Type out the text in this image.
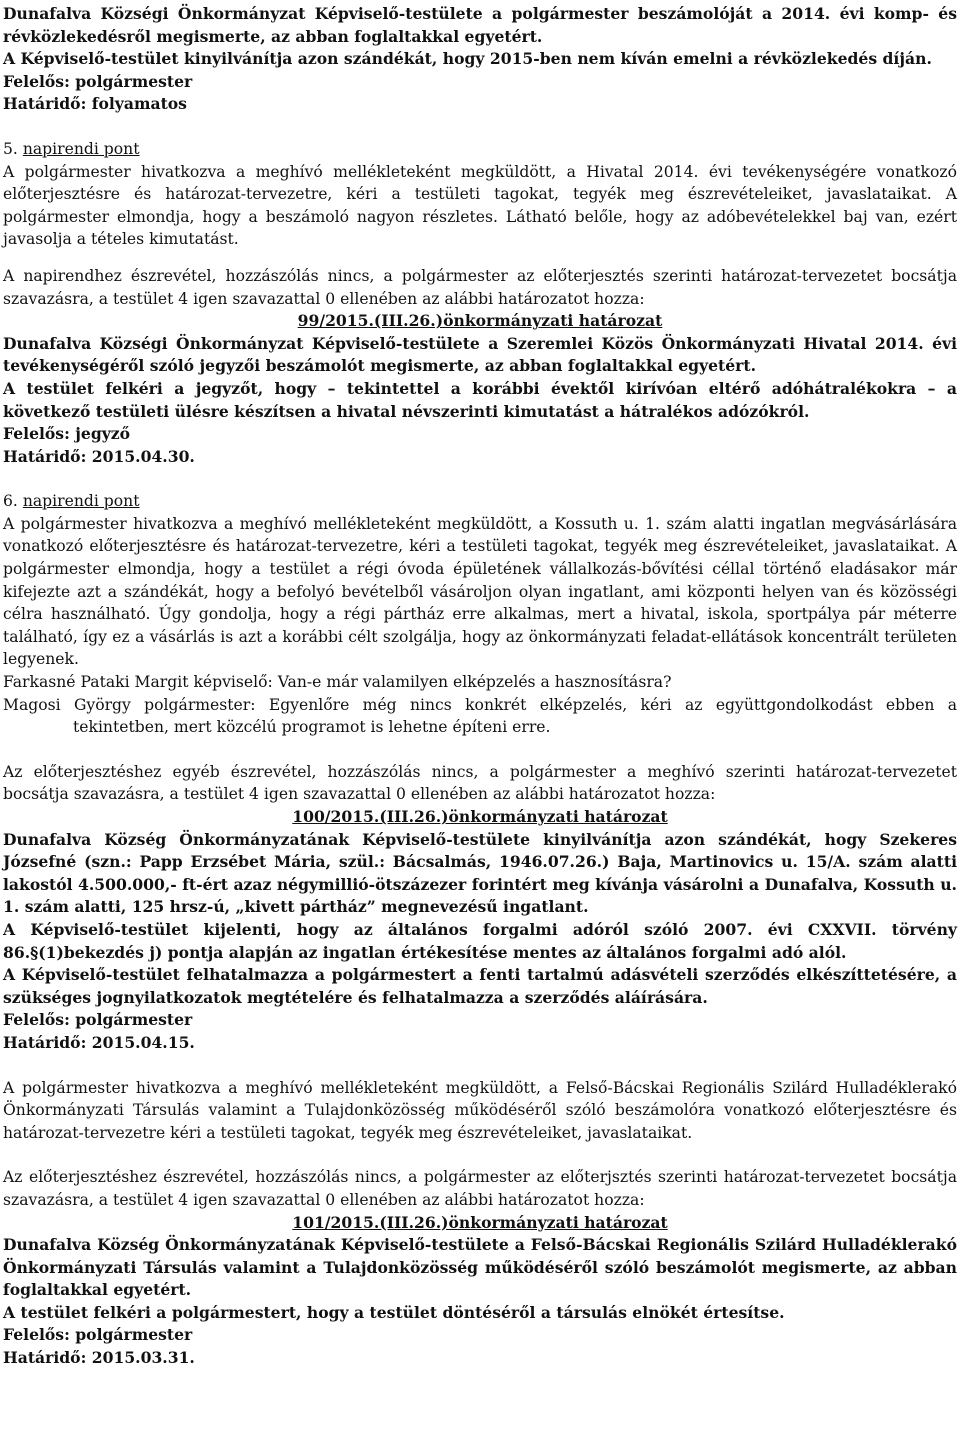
Dunafalva Községi Önkormányzat Képviselő-testülete a polgármester beszámolóját a 2014. évi komp- és révközlekedésről megismerte, az abban foglaltakkal egyetért.

A Képviselő-testület kinyilvánítja azon szándékát, hogy 2015-ben nem kíván emelni a révközlekedés díján.

Felelős: polgármester

Határidő: folyamatos

5. napirendi pont

A polgármester hivatkozva a meghívó mellékleteként megküldött, a Hivatal 2014. évi tevékenységére vonatkozó előterjesztésre és határozat-tervezetre, kéri a testületi tagokat, tegyék meg észrevételeiket, javaslataikat. A polgármester elmondja, hogy a beszámoló nagyon részletes. Látható belőle, hogy az adóbevételekkel baj van, ezért javasolja a tételes kimutatást.

A napirendhez észrevétel, hozzászólás nincs, a polgármester az előterjesztés szerinti határozat-tervezetet bocsátja szavazásra, a testület 4 igen szavazattal 0 ellenében az alábbi határozatot hozza:

99/2015.(III.26.)önkormányzati határozat

Dunafalva Községi Önkormányzat Képviselő-testülete a Szeremlei Közös Önkormányzati Hivatal 2014. évi tevékenységéről szóló jegyzői beszámolót megismerte, az abban foglaltakkal egyetért.

A testület felkéri a jegyzőt, hogy – tekintettel a korábbi évektől kirívóan eltérő adóhátralékokra – a következő testületi ülésre készítsen a hivatal névszerinti kimutatást a hátralékos adózókról.

Felelős: jegyző

Határidő: 2015.04.30.

6. napirendi pont

A polgármester hivatkozva a meghívó mellékleteként megküldött, a Kossuth u. 1. szám alatti ingatlan megvásárlására vonatkozó előterjesztésre és határozat-tervezetre, kéri a testületi tagokat, tegyék meg észrevételeiket, javaslataikat. A polgármester elmondja, hogy a testület a régi óvoda épületének vállalkozás-bővítési céllal történő eladásakor már kifejezte azt a szándékát, hogy a befolyó bevételből vásároljon olyan ingatlant, ami központi helyen van és közösségi célra használható. Úgy gondolja, hogy a régi pártház erre alkalmas, mert a hivatal, iskola, sportpálya pár méterre található, így ez a vásárlás is azt a korábbi célt szolgálja, hogy az önkormányzati feladat-ellátások koncentrált területen legyenek.

Farkasné Pataki Margit képviselő: Van-e már valamilyen elképzelés a hasznosításra?

Magosi György polgármester: Egyenlőre még nincs konkrét elképzelés, kéri az együttgondolkodást ebben a tekintetben, mert közcélú programot is lehetne építeni erre.

Az előterjesztéshez egyéb észrevétel, hozzászólás nincs, a polgármester a meghívó szerinti határozat-tervezetet bocsátja szavazásra, a testület 4 igen szavazattal 0 ellenében az alábbi határozatot hozza:

100/2015.(III.26.)önkormányzati határozat

Dunafalva Község Önkormányzatának Képviselő-testülete kinyilvánítja azon szándékát, hogy Szekeres Józsefné (szn.: Papp Erzsébet Mária, szül.: Bácsalmás, 1946.07.26.) Baja, Martinovics u. 15/A. szám alatti lakostól 4.500.000,- ft-ért azaz négymillió-ötszázezer forintért meg kívánja vásárolni a Dunafalva, Kossuth u. 1. szám alatti, 125 hrsz-ú, „kivett pártház” megnevezésű ingatlant.

A Képviselő-testület kijelenti, hogy az általános forgalmi adóról szóló 2007. évi CXXVII. törvény 86.§(1)bekezdés j) pontja alapján az ingatlan értékesítése mentes az általános forgalmi adó alól.

A Képviselő-testület felhatalmazza a polgármestert a fenti tartalmú adásvételi szerződés elkészíttetésére, a szükséges jognyilatkozatok megtételére és felhatalmazza a szerződés aláírására.

Felelős: polgármester

Határidő: 2015.04.15.

A polgármester hivatkozva a meghívó mellékleteként megküldött, a Felső-Bácskai Regionális Szilárd Hulladéklerakó Önkormányzati Társulás valamint a Tulajdonközösség működéséről szóló beszámolóra vonatkozó előterjesztésre és határozat-tervezetre kéri a testületi tagokat, tegyék meg észrevételeiket, javaslataikat.

Az előterjesztéshez észrevétel, hozzászólás nincs, a polgármester az előterjsztés szerinti határozat-tervezetet bocsátja szavazásra, a testület 4 igen szavazattal 0 ellenében az alábbi határozatot hozza:

101/2015.(III.26.)önkormányzati határozat

Dunafalva Község Önkormányzatának Képviselő-testülete a Felső-Bácskai Regionális Szilárd Hulladéklerakó Önkormányzati Társulás valamint a Tulajdonközösség működéséről szóló beszámolót megismerte, az abban foglaltakkal egyetért.

A testület felkéri a polgármestert, hogy a testület döntéséről a társulás elnökét értesítse.

Felelős: polgármester

Határidő: 2015.03.31.
